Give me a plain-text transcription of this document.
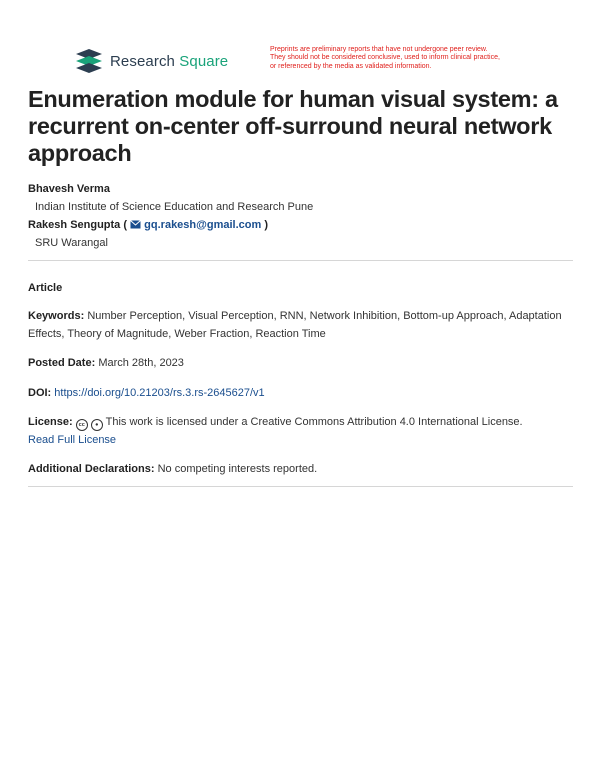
Research Square
Preprints are preliminary reports that have not undergone peer review.
They should not be considered conclusive, used to inform clinical practice,
or referenced by the media as validated information.
Enumeration module for human visual system: a recurrent on-center off-surround neural network approach
Bhavesh Verma
Indian Institute of Science Education and Research Pune
Rakesh Sengupta ( gq.rakesh@gmail.com )
SRU Warangal
Article
Keywords: Number Perception, Visual Perception, RNN, Network Inhibition, Bottom-up Approach, Adaptation Effects, Theory of Magnitude, Weber Fraction, Reaction Time
Posted Date: March 28th, 2023
DOI: https://doi.org/10.21203/rs.3.rs-2645627/v1
License: cc ● This work is licensed under a Creative Commons Attribution 4.0 International License.
Read Full License
Additional Declarations: No competing interests reported.
